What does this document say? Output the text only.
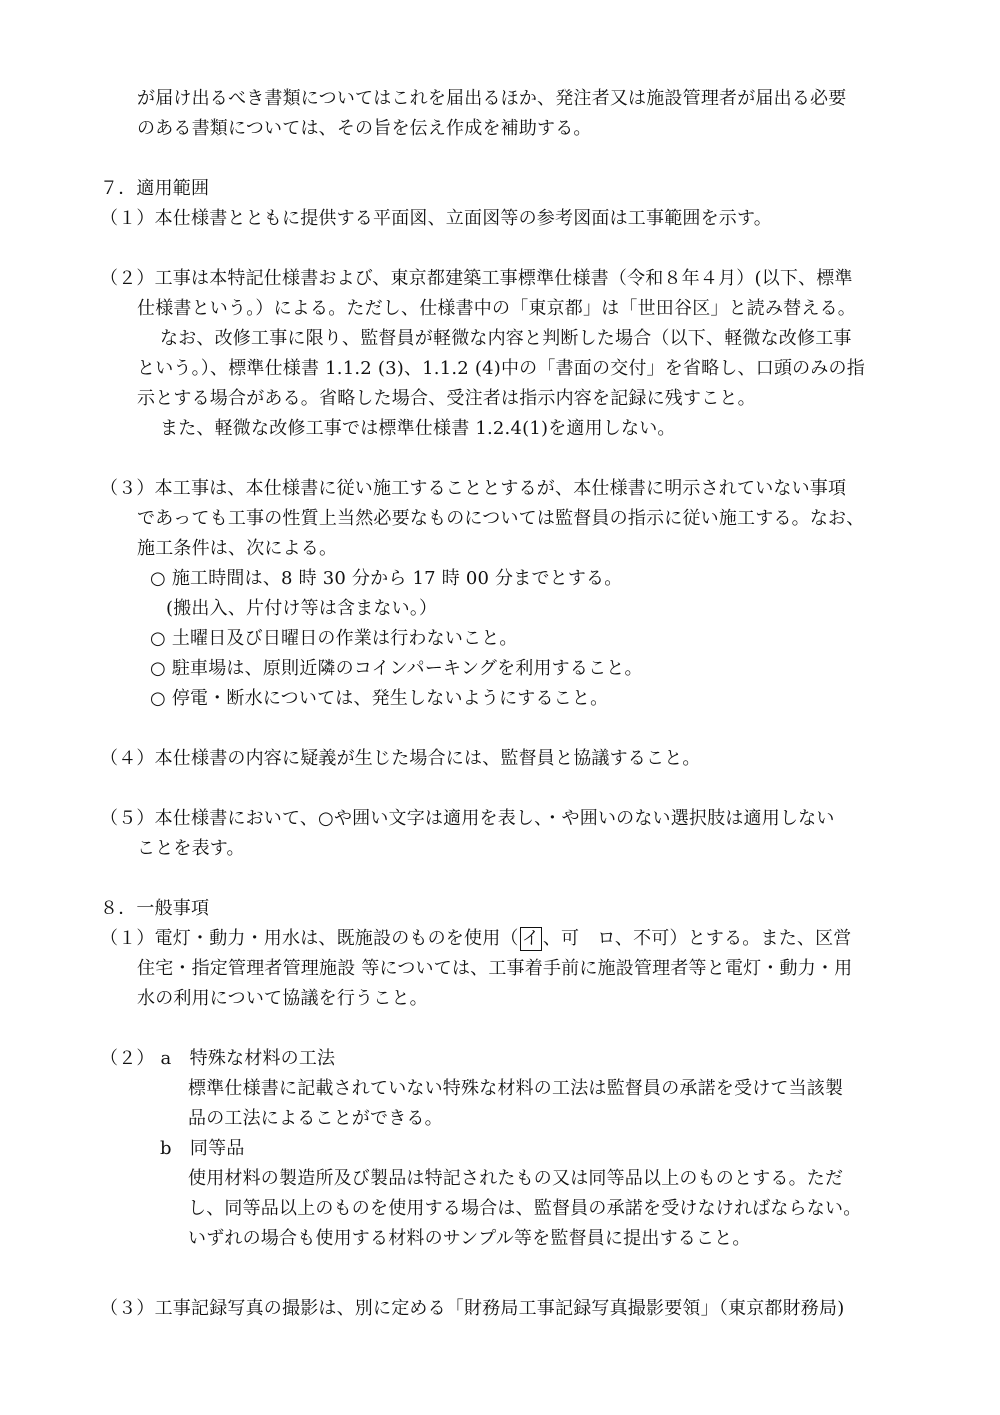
が届け出るべき書類についてはこれを届出るほか、発注者又は施設管理者が届出る必要
のある書類については、その旨を伝え作成を補助する。
７．適用範囲
（１）本仕様書とともに提供する平面図、立面図等の参考図面は工事範囲を示す。
（２）工事は本特記仕様書および、東京都建築工事標準仕様書（令和８年４月）(以下、標準
仕様書という。）による。ただし、仕様書中の「東京都」は「世田谷区」と読み替える。
なお、改修工事に限り、監督員が軽微な内容と判断した場合（以下、軽微な改修工事
という。）、標準仕様書 1.1.2 (3)、1.1.2 (4)中の「書面の交付」を省略し、口頭のみの指
示とする場合がある。省略した場合、受注者は指示内容を記録に残すこと。
また、軽微な改修工事では標準仕様書 1.2.4(1)を適用しない。
（３）本工事は、本仕様書に従い施工することとするが、本仕様書に明示されていない事項
であっても工事の性質上当然必要なものについては監督員の指示に従い施工する。なお、
施工条件は、次による。
○ 施工時間は、8 時 30 分から 17 時 00 分までとする。
(搬出入、片付け等は含まない。）
○ 土曜日及び日曜日の作業は行わないこと。
○ 駐車場は、原則近隣のコインパーキングを利用すること。
○ 停電・断水については、発生しないようにすること。
（４）本仕様書の内容に疑義が生じた場合には、監督員と協議すること。
（５）本仕様書において、○や囲い文字は適用を表し、・や囲いのない選択肢は適用しない
ことを表す。
８．一般事項
（１）電灯・動力・用水は、既施設のものを使用（ イ 、可　ロ、不可）とする。また、区営
住宅・指定管理者管理施設 等については、工事着手前に施設管理者等と電灯・動力・用
水の利用について協議を行うこと。
（２） a　特殊な材料の工法
標準仕様書に記載されていない特殊な材料の工法は監督員の承諾を受けて当該製
品の工法によることができる。
b　同等品
使用材料の製造所及び製品は特記されたもの又は同等品以上のものとする。ただ
し、同等品以上のものを使用する場合は、監督員の承諾を受けなければならない。
いずれの場合も使用する材料のサンプル等を監督員に提出すること。
（３）工事記録写真の撮影は、別に定める「財務局工事記録写真撮影要領」（東京都財務局)
